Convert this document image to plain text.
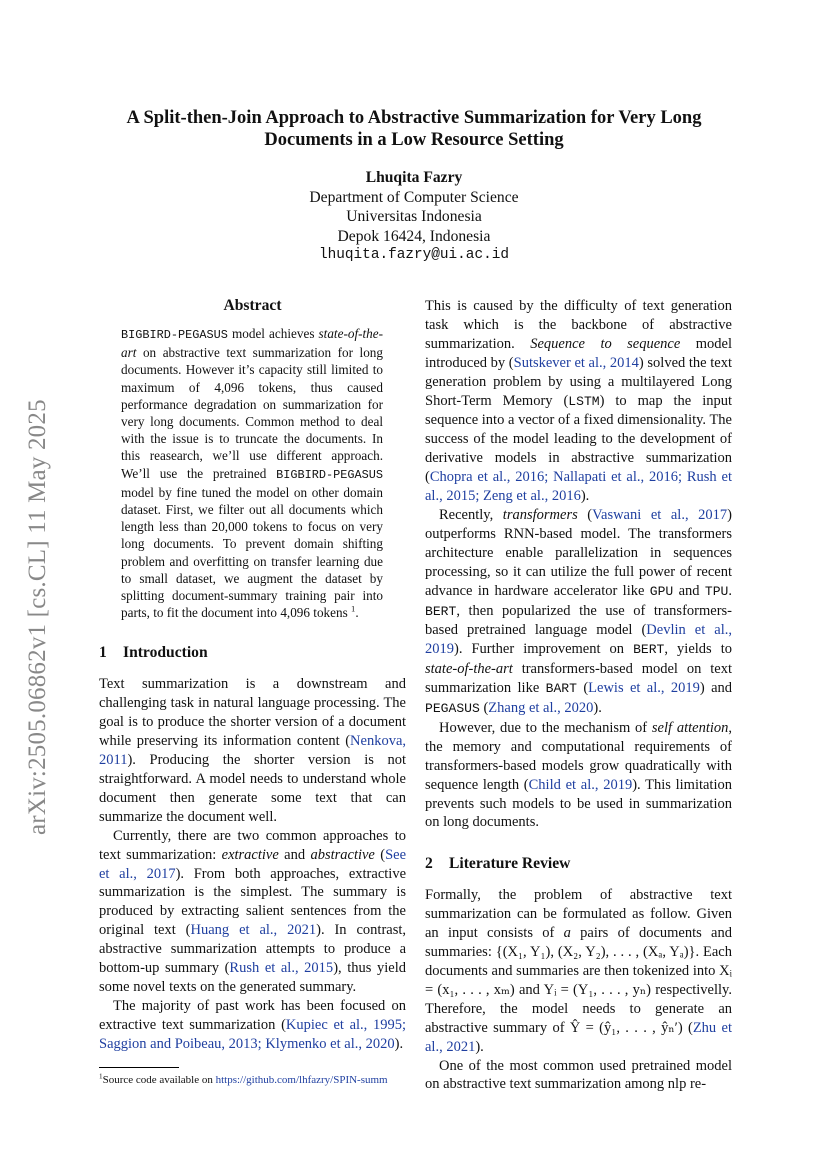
arXiv:2505.06862v1 [cs.CL] 11 May 2025
A Split-then-Join Approach to Abstractive Summarization for Very Long
Documents in a Low Resource Setting
Lhuqita Fazry
Department of Computer Science
Universitas Indonesia
Depok 16424, Indonesia
lhuqita.fazry@ui.ac.id
Abstract

BIGBIRD-PEGASUS model achieves state-of-the-art on abstractive text summarization for long documents. However it’s capacity still limited to maximum of 4,096 tokens, thus caused performance degradation on summarization for very long documents. Common method to deal with the issue is to truncate the documents. In this reasearch, we’ll use different approach. We’ll use the pretrained BIGBIRD-PEGASUS model by fine tuned the model on other domain dataset. First, we filter out all documents which length less than 20,000 tokens to focus on very long documents. To prevent domain shifting problem and overfitting on transfer learning due to small dataset, we augment the dataset by splitting document-summary training pair into parts, to fit the document into 4,096 tokens $^1$.

1 Introduction

Text summarization is a downstream and challenging task in natural language processing. The goal is to produce the shorter version of a document while preserving its information content (Nenkova, 2011). Producing the shorter version is not straightforward. A model needs to understand whole document then generate some text that can summarize the document well.

Currently, there are two common approaches to text summarization: extractive and abstractive (See et al., 2017). From both approaches, extractive summarization is the simplest. The summary is produced by extracting salient sentences from the original text (Huang et al., 2021). In contrast, abstractive summarization attempts to produce a bottom-up summary (Rush et al., 2015), thus yield some novel texts on the generated summary.

The majority of past work has been focused on extractive text summarization (Kupiec et al., 1995; Saggion and Poibeau, 2013; Klymenko et al., 2020).

$^1$Source code available on https://github.com/lhfazry/SPIN-summ

This is caused by the difficulty of text generation task which is the backbone of abstractive summarization. Sequence to sequence model introduced by (Sutskever et al., 2014) solved the text generation problem by using a multilayered Long Short-Term Memory (LSTM) to map the input sequence into a vector of a fixed dimensionality. The success of the model leading to the development of derivative models in abstractive summarization (Chopra et al., 2016; Nallapati et al., 2016; Rush et al., 2015; Zeng et al., 2016).

Recently, transformers (Vaswani et al., 2017) outperforms RNN-based model. The transformers architecture enable parallelization in sequences processing, so it can utilize the full power of recent advance in hardware accelerator like GPU and TPU. BERT, then popularized the use of transformers-based pretrained language model (Devlin et al., 2019). Further improvement on BERT, yields to state-of-the-art transformers-based model on text summarization like BART (Lewis et al., 2019) and PEGASUS (Zhang et al., 2020).

However, due to the mechanism of self attention, the memory and computational requirements of transformers-based models grow quadratically with sequence length (Child et al., 2019). This limitation prevents such models to be used in summarization on long documents.

2 Literature Review

Formally, the problem of abstractive text summarization can be formulated as follow. Given an input consists of a pairs of documents and summaries: {(X₁, Y₁), (X₂, Y₂), . . . , (Xₐ, Yₐ)}. Each documents and summaries are then tokenized into Xᵢ = (x₁, . . . , xₘ) and Yᵢ = (Y₁, . . . , yₙ) respectivelly. Therefore, the model needs to generate an abstractive summary of Ŷ = (ŷ₁, . . . , ŷₙ′) (Zhu et al., 2021).

One of the most common used pretrained model on abstractive text summarization among nlp re-
